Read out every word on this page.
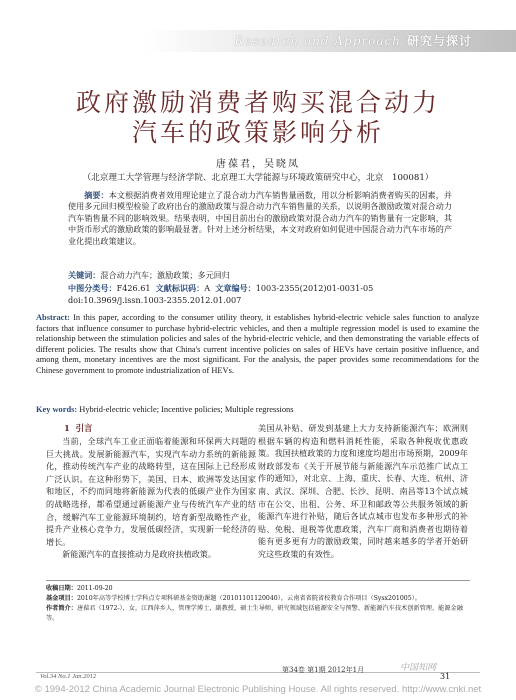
Research and Approach 研究与探讨
政府激励消费者购买混合动力
汽车的政策影响分析
唐葆君，吴晓凤
（北京理工大学管理与经济学院、北京理工大学能源与环境政策研究中心，北京　100081）
摘要：本文根据消费者效用理论建立了混合动力汽车销售量函数，用以分析影响消费者购买的因素，并使用多元回归模型检验了政府出台的激励政策与混合动力汽车销售量的关系，以说明各激励政策对混合动力汽车销售量不同的影响效果。结果表明，中国目前出台的激励政策对混合动力汽车的销售量有一定影响，其中货币形式的激励政策的影响最显著。针对上述分析结果，本文对政府如何促进中国混合动力汽车市场的产业化提出政策建议。
关键词：混合动力汽车；激励政策；多元回归
中图分类号：F426.61 文献标识码：A 文章编号：1003-2355(2012)01-0031-05
doi:10.3969/j.issn.1003-2355.2012.01.007
Abstract: In this paper, according to the consumer utility theory, it establishes hybrid-electric vehicle sales function to analyze factors that influence consumer to purchase hybrid-electric vehicles, and then a multiple regression model is used to examine the relationship between the stimulation policies and sales of the hybrid-electric vehicle, and then demonstrating the variable effects of different policies. The results show that China's current incentive policies on sales of HEVs have certain positive influence, and among them, monetary incentives are the most significant. For the analysis, the paper provides some recommendations for the Chinese government to promote industrialization of HEVs.
Key words: Hybrid-electric vehicle; Incentive policies; Multiple regressions
1 引言

当前，全球汽车工业正面临着能源和环保两大问题的巨大挑战。发展新能源汽车，实现汽车动力系统的新能源化，推动传统汽车产业的战略转型，这在国际上已经形成广泛认识。在这种形势下，美国、日本、欧洲等发达国家和地区，不约而同地将新能源为代表的低碳产业作为国家的战略选择，都希望通过新能源产业与传统汽车产业的结合，缓解汽车工业能源环境制约，培育新型战略性产业，提升产业核心竞争力，发展低碳经济，实现新一轮经济的增长。

新能源汽车的直接推动力是政府扶植政策。

美国从补贴、研发到基建上大力支持新能源汽车；欧洲则根据车辆的构造和燃料消耗性能，采取各种税收优惠政策。我国扶植政策的力度和速度均超出市场预期，2009年财政部发布《关于开展节能与新能源汽车示范推广试点工作的通知》，对北京、上海、重庆、长春、大连、杭州、济南、武汉、深圳、合肥、长沙、昆明、南昌等13个试点城市在公交、出租、公务、环卫和邮政等公共服务领域的新能源汽车进行补贴，随后各试点城市也发布多种形式的补贴、免税、退税等优惠政策，汽车厂商和消费者也期待着能有更多更有力的激励政策，同时越来越多的学者开始研究这些政策的有效性。

收稿日期：2011-09-20
基金项目：2010年高等学校博士学科点专项科研基金资助课题（20101101120040），云南省省院省校教育合作项目（Sysx201005）。
作者简介：唐葆君（1972-），女，江西萍乡人，管理学博士，副教授，硕士生导师，研究领域包括能源安全与预警、新能源汽车技术创新管理、能源金融等。
中国知网
Vol.34 No.1 Jan.2012
第34卷 第1期 2012年1月
31
© 1994-2012 China Academic Journal Electronic Publishing House. All rights reserved. http://www.cnki.net
